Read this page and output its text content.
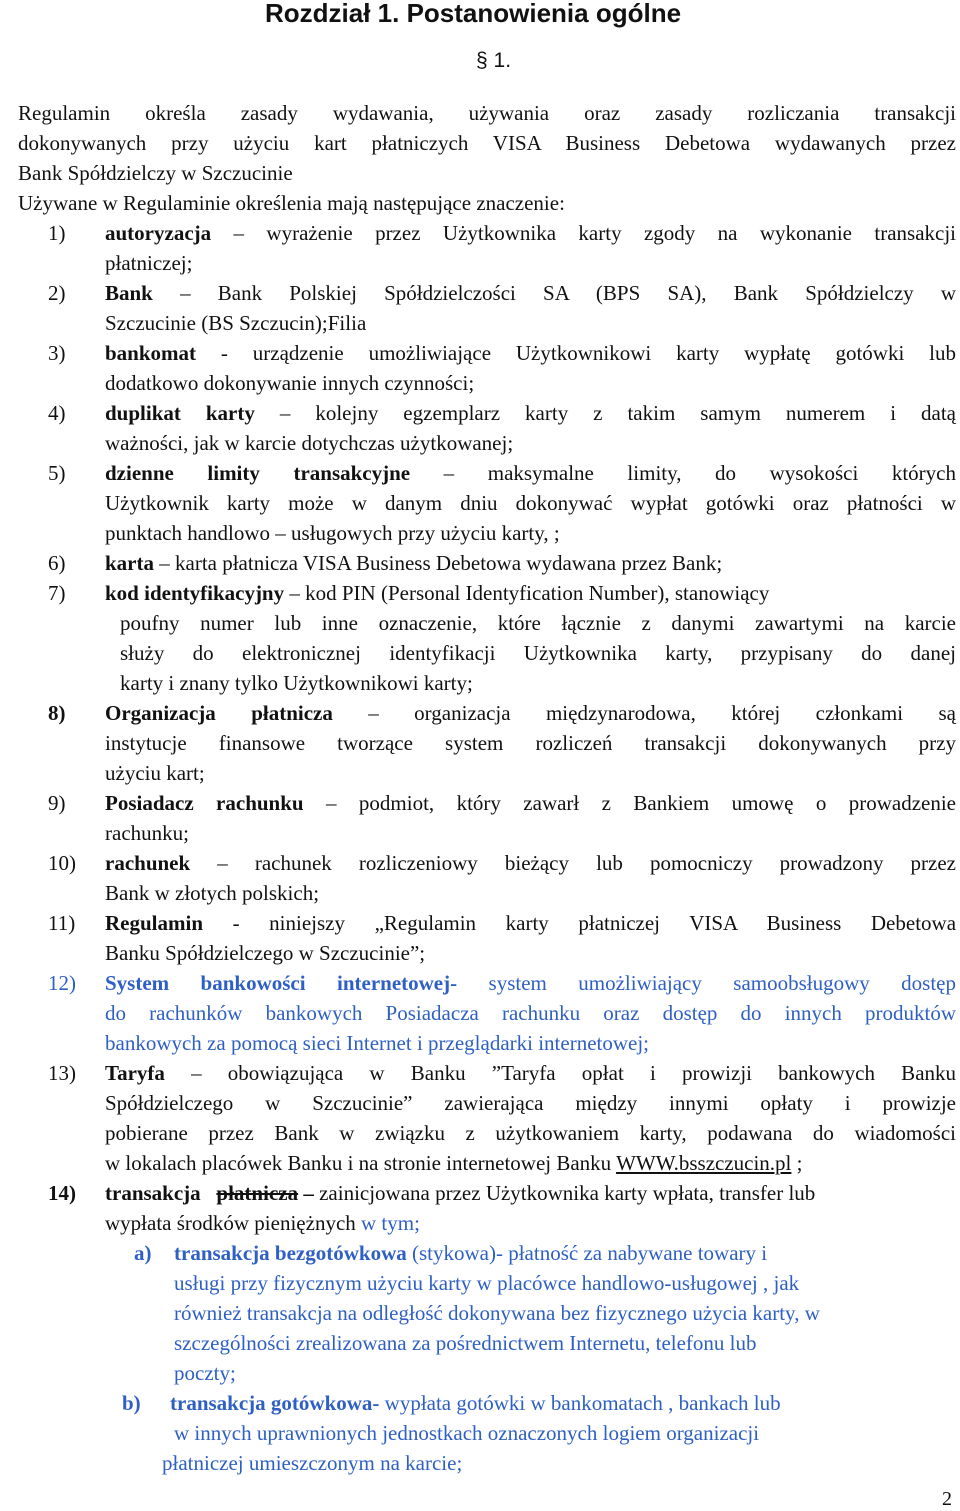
Rozdział 1. Postanowienia ogólne
§ 1.
Regulamin określa zasady wydawania, używania oraz zasady rozliczania transakcji
dokonywanych przy użyciu kart płatniczych VISA Business Debetowa wydawanych przez
Bank Spółdzielczy w Szczucinie
Używane w Regulaminie określenia mają następujące znaczenie:
1) autoryzacja – wyrażenie przez Użytkownika karty zgody na wykonanie transakcji
płatniczej;
2) Bank – Bank Polskiej Spółdzielczości SA (BPS SA), Bank Spółdzielczy w
Szczucinie (BS Szczucin);Filia
3) bankomat - urządzenie umożliwiające Użytkownikowi karty wypłatę gotówki lub
dodatkowo dokonywanie innych czynności;
4) duplikat karty – kolejny egzemplarz karty z takim samym numerem i datą
ważności, jak w karcie dotychczas użytkowanej;
5) dzienne limity transakcyjne – maksymalne limity, do wysokości których
Użytkownik karty może w danym dniu dokonywać wypłat gotówki oraz płatności w
punktach handlowo – usługowych przy użyciu karty, ;
6) karta – karta płatnicza VISA Business Debetowa wydawana przez Bank;
7) kod identyfikacyjny – kod PIN (Personal Identyfication Number), stanowiący
poufny numer lub inne oznaczenie, które łącznie z danymi zawartymi na karcie
służy do elektronicznej identyfikacji Użytkownika karty, przypisany do danej
karty i znany tylko Użytkownikowi karty;
8) Organizacja płatnicza – organizacja międzynarodowa, której członkami są
instytucje finansowe tworzące system rozliczeń transakcji dokonywanych przy
użyciu kart;
9) Posiadacz rachunku – podmiot, który zawarł z Bankiem umowę o prowadzenie
rachunku;
10) rachunek – rachunek rozliczeniowy bieżący lub pomocniczy prowadzony przez
Bank w złotych polskich;
11) Regulamin - niniejszy „Regulamin karty płatniczej VISA Business Debetowa
Banku Spółdzielczego w Szczucinie”;
12) System bankowości internetowej- system umożliwiający samoobsługowy dostęp
do rachunków bankowych Posiadacza rachunku oraz dostęp do innych produktów
bankowych za pomocą sieci Internet i przeglądarki internetowej;
13) Taryfa – obowiązująca w Banku ”Taryfa opłat i prowizji bankowych Banku
Spółdzielczego w Szczucinie” zawierająca między innymi opłaty i prowizje
pobierane przez Bank w związku z użytkowaniem karty, podawana do wiadomości
w lokalach placówek Banku i na stronie internetowej Banku WWW.bsszczucin.pl ;
14) transakcja płatnicza – zainicjowana przez Użytkownika karty wpłata, transfer lub
wypłata środków pieniężnych w tym;
a) transakcja bezgotówkowa (stykowa)- płatność za nabywane towary i
usługi przy fizycznym użyciu karty w placówce handlowo-usługowej , jak
również transakcja na odległość dokonywana bez fizycznego użycia karty, w
szczególności zrealizowana za pośrednictwem Internetu, telefonu lub
poczty;
b) transakcja gotówkowa- wypłata gotówki w bankomatach , bankach lub
w innych uprawnionych jednostkach oznaczonych logiem organizacji
płatniczej umieszczonym na karcie;
2
